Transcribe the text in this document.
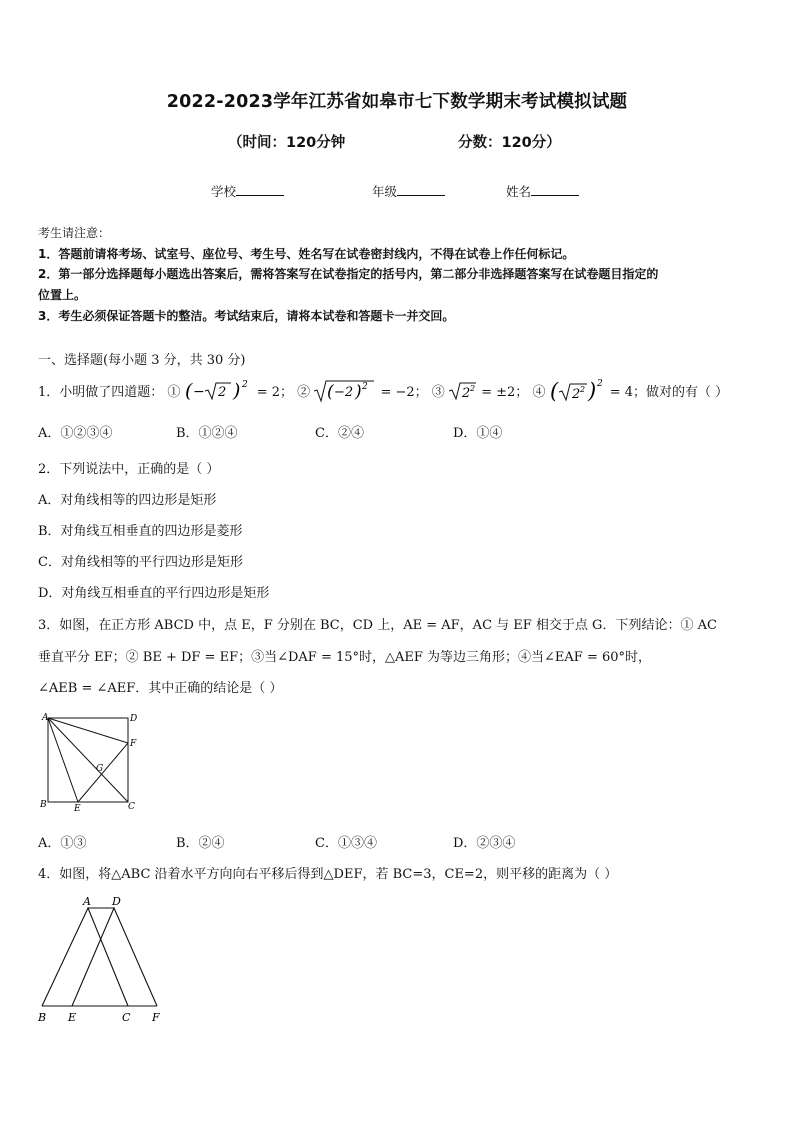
2022-2023学年江苏省如皋市七下数学期末考试模拟试题
（时间：120分钟	分数：120分）
学校	年级	姓名
考生请注意：
1．答题前请将考场、试室号、座位号、考生号、姓名写在试卷密封线内，不得在试卷上作任何标记。
2．第一部分选择题每小题选出答案后，需将答案写在试卷指定的括号内，第二部分非选择题答案写在试卷题目指定的
位置上。
3．考生必须保证答题卡的整洁。考试结束后，请将本试卷和答题卡一并交回。
一、选择题(每小题 3 分，共 30 分)
1．小明做了四道题： ① ( − 2 ) 2 = 2； ② ( −2 ) 2 = −2； ③ 2 2 = ±2； ④ ( 2 2 ) 2
= 4；做对的有（ ）
A．①②③④	B．①②④	C．②④	D．①④
2．下列说法中，正确的是（ ）
A．对角线相等的四边形是矩形
B．对角线互相垂直的四边形是菱形
C．对角线相等的平行四边形是矩形
D．对角线互相垂直的平行四边形是矩形
3．如图，在正方形 ABCD 中，点 E，F 分别在 BC，CD 上，AE = AF，AC 与 EF 相交于点 G．下列结论：① AC
垂直平分 EF；② BE + DF = EF；③当∠DAF = 15°时，△AEF 为等边三角形；④当∠EAF = 60°时，
∠AEB = ∠AEF．其中正确的结论是（ ）
A	D
F
G
B	E	C
A．①③	B．②④	C．①③④	D．②③④
4．如图，将△ABC 沿着水平方向向右平移后得到△DEF，若 BC=3，CE=2，则平移的距离为（ ）
A D
B E	C F
